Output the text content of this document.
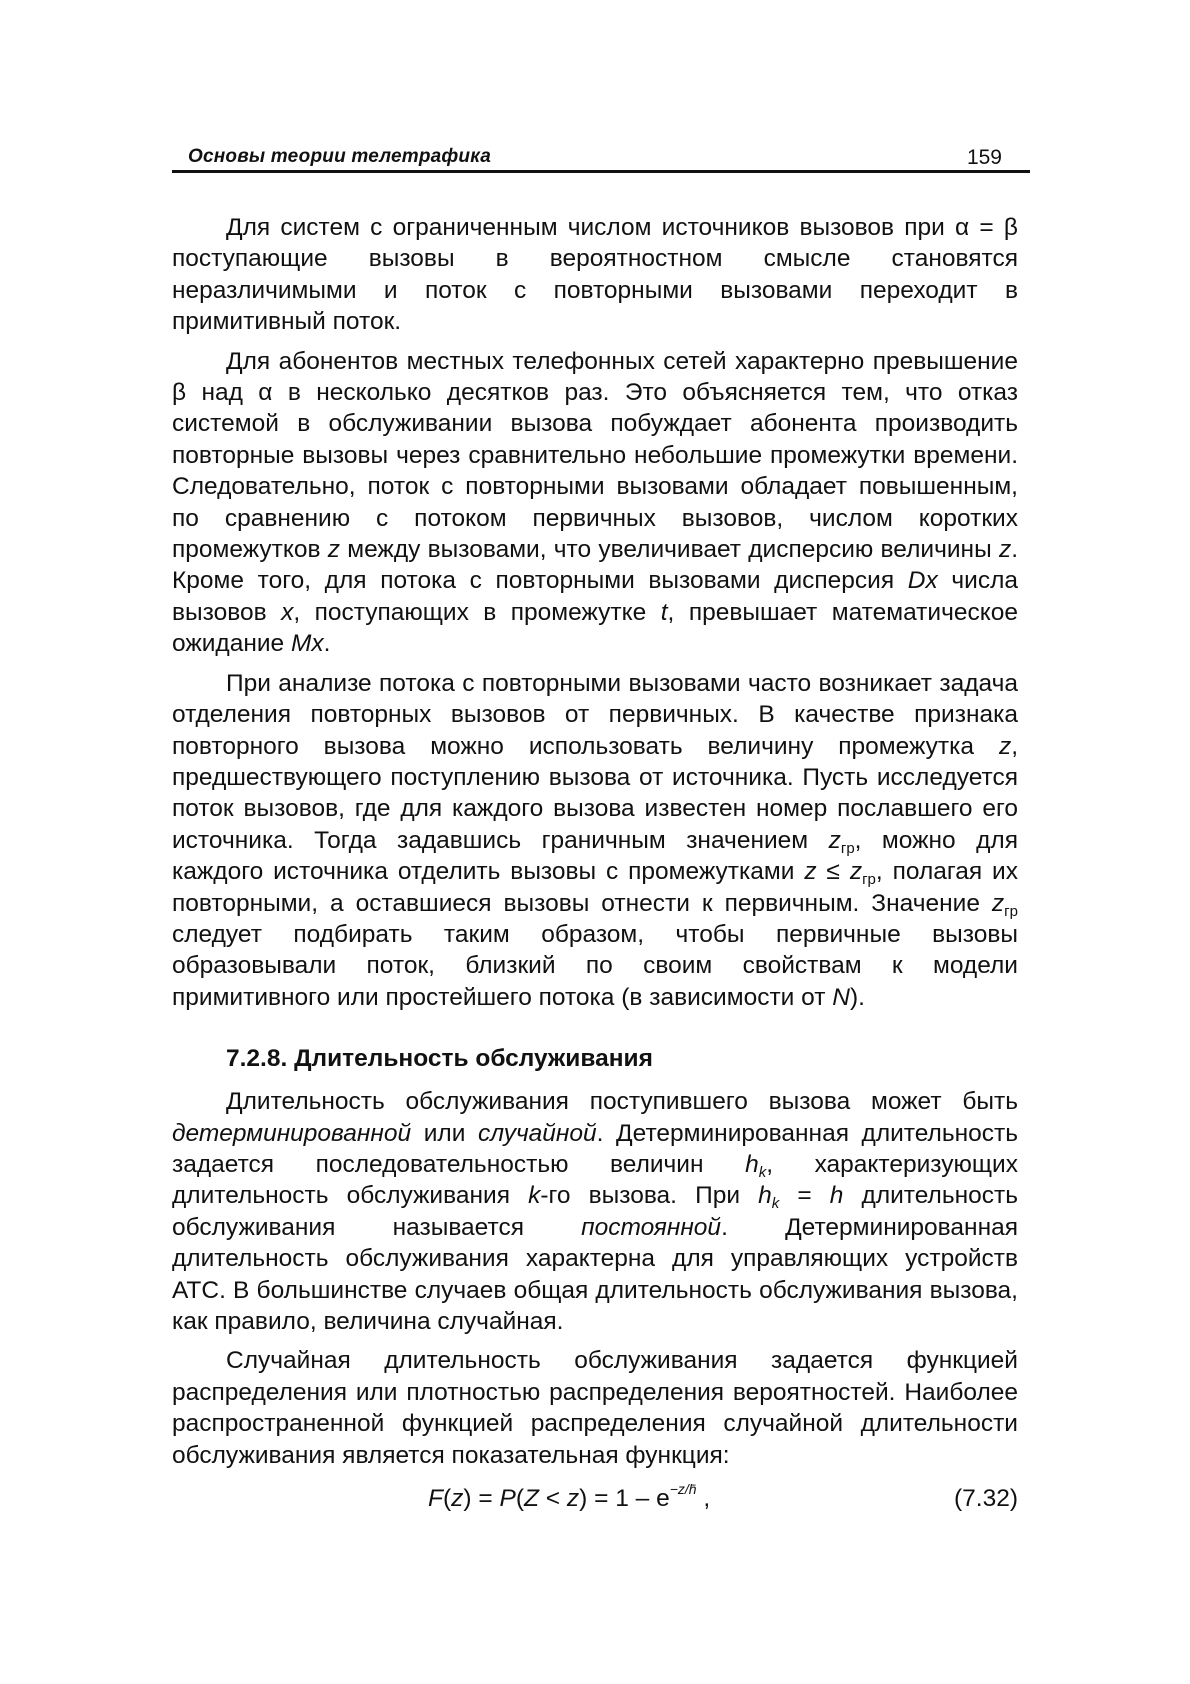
Основы теории телетрафика	159

Для систем с ограниченным числом источников вызовов при α = β поступающие вызовы в вероятностном смысле становятся неразличимыми и поток с повторными вызовами переходит в примитивный поток.

Для абонентов местных телефонных сетей характерно превышение β над α в несколько десятков раз. Это объясняется тем, что отказ системой в обслуживании вызова побуждает абонента производить повторные вызовы через сравнительно небольшие промежутки времени. Следовательно, поток с повторными вызовами обладает повышенным, по сравнению с потоком первичных вызовов, числом коротких промежутков z между вызовами, что увеличивает дисперсию величины z. Кроме того, для потока с повторными вызовами дисперсия Dx числа вызовов x, поступающих в промежутке t, превышает математическое ожидание Mx.

При анализе потока с повторными вызовами часто возникает задача отделения повторных вызовов от первичных. В качестве признака повторного вызова можно использовать величину промежутка z, предшествующего поступлению вызова от источника. Пусть исследуется поток вызовов, где для каждого вызова известен номер пославшего его источника. Тогда задавшись граничным значением $z_{гр}$, можно для каждого источника отделить вызовы с промежутками $z \le z_{гр}$, полагая их повторными, а оставшиеся вызовы отнести к первичным. Значение $z_{гр}$ следует подбирать таким образом, чтобы первичные вызовы образовывали поток, близкий по своим свойствам к модели примитивного или простейшего потока (в зависимости от N).

7.2.8. Длительность обслуживания

Длительность обслуживания поступившего вызова может быть детерминированной или случайной. Детерминированная длительность задается последовательностью величин $h_k$, характеризующих длительность обслуживания k-го вызова. При $h_k = h$ длительность обслуживания называется постоянной. Детерминированная длительность обслуживания характерна для управляющих устройств АТС. В большинстве случаев общая длительность обслуживания вызова, как правило, величина случайная.

Случайная длительность обслуживания задается функцией распределения или плотностью распределения вероятностей. Наиболее распространенной функцией распределения случайной длительности обслуживания является показательная функция:

$F(z) = P(Z < z) = 1 - e^{-z/h̄}$ ,	(7.32)
